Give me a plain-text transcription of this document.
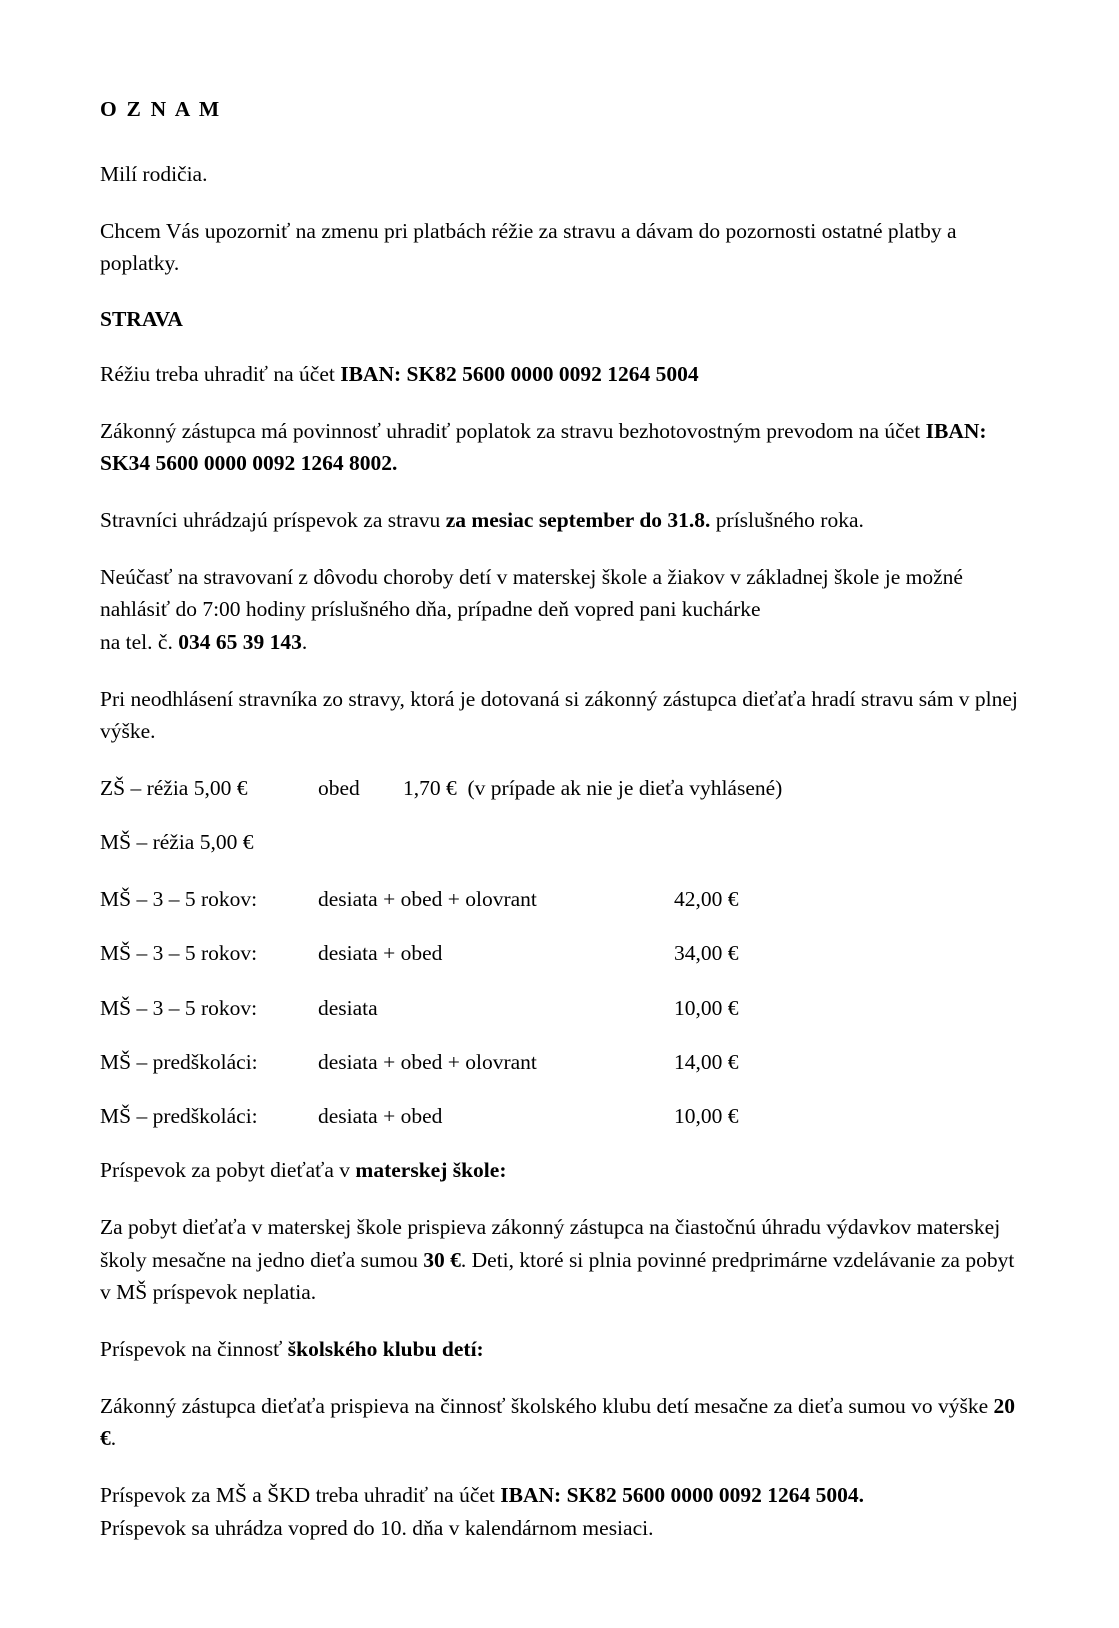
O Z N A M

Milí rodičia.

Chcem Vás upozorniť na zmenu pri platbách réžie za stravu a dávam do pozornosti ostatné platby a poplatky.

STRAVA

Réžiu treba uhradiť na účet IBAN: SK82 5600 0000 0092 1264 5004

Zákonný zástupca má povinnosť uhradiť poplatok za stravu bezhotovostným prevodom na účet IBAN: SK34 5600 0000 0092 1264 8002.

Stravníci uhrádzajú príspevok za stravu za mesiac september do 31.8. príslušného roka.

Neúčasť na stravovaní z dôvodu choroby detí v materskej škole a žiakov v základnej škole je možné nahlásiť do 7:00 hodiny príslušného dňa, prípadne deň vopred pani kuchárke
na tel. č. 034 65 39 143.

Pri neodhlásení stravníka zo stravy, ktorá je dotovaná si zákonný zástupca dieťaťa hradí stravu sám v plnej výške.

ZŠ – réžia 5,00 €	obed	1,70 € (v prípade ak nie je dieťa vyhlásené)

MŠ – réžia 5,00 €

MŠ – 3 – 5 rokov:	desiata + obed + olovrant	42,00 €
MŠ – 3 – 5 rokov:	desiata + obed	34,00 €
MŠ – 3 – 5 rokov:	desiata	10,00 €
MŠ – predškoláci:	desiata + obed + olovrant	14,00 €
MŠ – predškoláci:	desiata + obed	10,00 €

Príspevok za pobyt dieťaťa v materskej škole:

Za pobyt dieťaťa v materskej škole prispieva zákonný zástupca na čiastočnú úhradu výdavkov materskej školy mesačne na jedno dieťa sumou 30 €. Deti, ktoré si plnia povinné predprimárne vzdelávanie za pobyt v MŠ príspevok neplatia.

Príspevok na činnosť školského klubu detí:

Zákonný zástupca dieťaťa prispieva na činnosť školského klubu detí mesačne za dieťa sumou vo výške 20 €.

Príspevok za MŠ a ŠKD treba uhradiť na účet IBAN: SK82 5600 0000 0092 1264 5004.
Príspevok sa uhrádza vopred do 10. dňa v kalendárnom mesiaci.
